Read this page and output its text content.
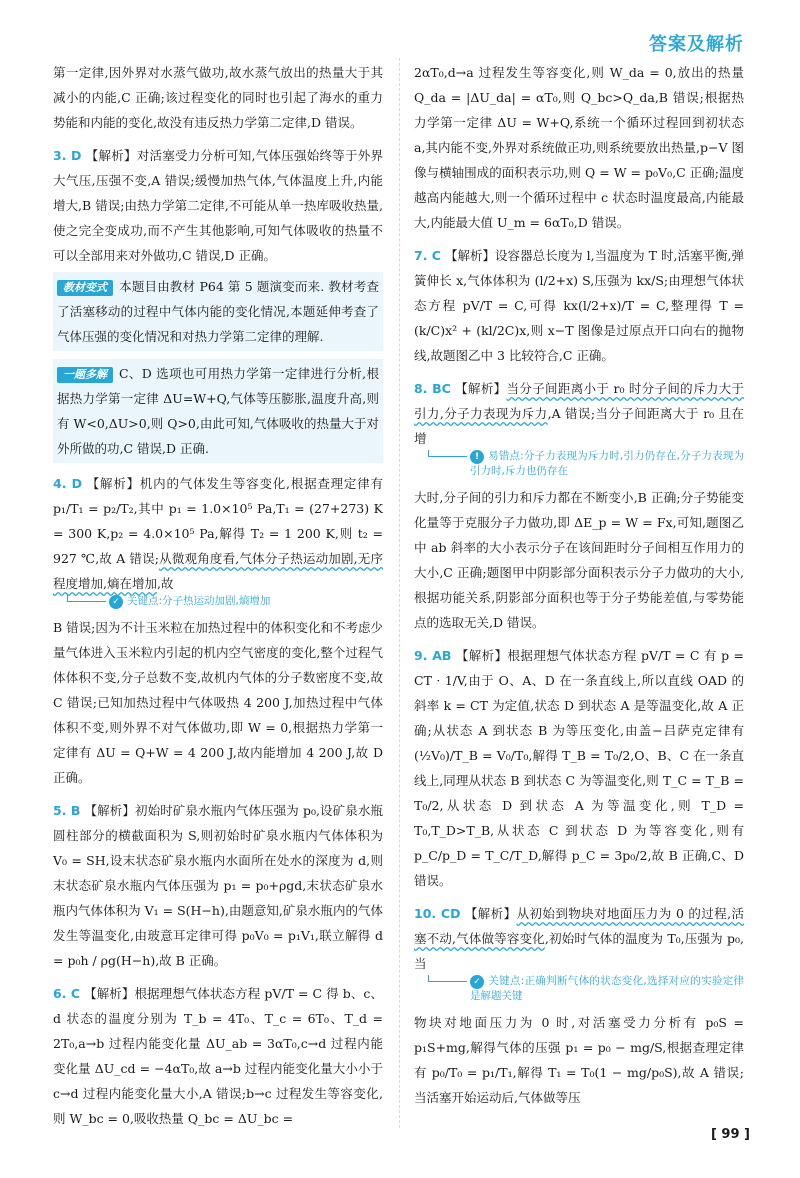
答案及解析

第一定律,因外界对水蒸气做功,故水蒸气放出的热量大于其减小的内能,C 正确;该过程变化的同时也引起了海水的重力势能和内能的变化,故没有违反热力学第二定律,D 错误。

3. D 【解析】对活塞受力分析可知,气体压强始终等于外界大气压,压强不变,A 错误;缓慢加热气体,气体温度上升,内能增大,B 错误;由热力学第二定律,不可能从单一热库吸收热量,使之完全变成功,而不产生其他影响,可知气体吸收的热量不可以全部用来对外做功,C 错误,D 正确。

教材变式 本题目由教材 P64 第 5 题演变而来. 教材考查了活塞移动的过程中气体内能的变化情况,本题延伸考查了气体压强的变化情况和对热力学第二定律的理解.
一题多解 C、D 选项也可用热力学第一定律进行分析,根据热力学第一定律 ΔU=W+Q,气体等压膨胀,温度升高,则有 W<0,ΔU>0,则 Q>0,由此可知,气体吸收的热量大于对外所做的功,C 错误,D 正确.

4. D 【解析】机内的气体发生等容变化,根据查理定律有 p₁/T₁ = p₂/T₂,其中 p₁ = 1.0×10⁵ Pa,T₁ = (27+273) K = 300 K,p₂ = 4.0×10⁵ Pa,解得 T₂ = 1 200 K,则 t₂ = 927 ℃,故 A 错误;从微观角度看,气体分子热运动加剧,无序程度增加,熵在增加,故

✓ 关键点:分子热运动加剧,熵增加

B 错误;因为不计玉米粒在加热过程中的体积变化和不考虑少量气体进入玉米粒内引起的机内空气密度的变化,整个过程气体体积不变,分子总数不变,故机内气体的分子数密度不变,故 C 错误;已知加热过程中气体吸热 4 200 J,加热过程中气体体积不变,则外界不对气体做功,即 W = 0,根据热力学第一定律有 ΔU = Q+W = 4 200 J,故内能增加 4 200 J,故 D 正确。

5. B 【解析】初始时矿泉水瓶内气体压强为 p₀,设矿泉水瓶圆柱部分的横截面积为 S,则初始时矿泉水瓶内气体体积为 V₀ = SH,设末状态矿泉水瓶内水面所在处水的深度为 d,则末状态矿泉水瓶内气体压强为 p₁ = p₀+ρgd,末状态矿泉水瓶内气体体积为 V₁ = S(H−h),由题意知,矿泉水瓶内的气体发生等温变化,由玻意耳定律可得 p₀V₀ = p₁V₁,联立解得 d = p₀h / ρg(H−h),故 B 正确。

6. C 【解析】根据理想气体状态方程 pV/T = C 得 b、c、d 状态的温度分别为 T_b = 4T₀、T_c = 6T₀、T_d = 2T₀,a→b 过程内能变化量 ΔU_ab = 3αT₀,c→d 过程内能变化量 ΔU_cd = −4αT₀,故 a→b 过程内能变化量大小小于 c→d 过程内能变化量大小,A 错误;b→c 过程发生等容变化,则 W_bc = 0,吸收热量 Q_bc = ΔU_bc =

2αT₀,d→a 过程发生等容变化,则 W_da = 0,放出的热量 Q_da = |ΔU_da| = αT₀,则 Q_bc>Q_da,B 错误;根据热力学第一定律 ΔU = W+Q,系统一个循环过程回到初状态 a,其内能不变,外界对系统做正功,则系统要放出热量,p−V 图像与横轴围成的面积表示功,则 Q = W = p₀V₀,C 正确;温度越高内能越大,则一个循环过程中 c 状态时温度最高,内能最大,内能最大值 U_m = 6αT₀,D 错误。

7. C 【解析】设容器总长度为 l,当温度为 T 时,活塞平衡,弹簧伸长 x,气体体积为 (l/2+x) S,压强为 kx/S;由理想气体状态方程 pV/T = C,可得 kx(l/2+x)/T = C,整理得 T = (k/C)x² + (kl/2C)x,则 x−T 图像是过原点开口向右的抛物线,故题图乙中 3 比较符合,C 正确。

8. BC 【解析】当分子间距离小于 r₀ 时分子间的斥力大于引力,分子力表现为斥力,A 错误;当分子间距离大于 r₀ 且在增

! 易错点:分子力表现为斥力时,引力仍存在,分子力表现为引力时,斥力也仍存在

大时,分子间的引力和斥力都在不断变小,B 正确;分子势能变化量等于克服分子力做功,即 ΔE_p = W = Fx,可知,题图乙中 ab 斜率的大小表示分子在该间距时分子间相互作用力的大小,C 正确;题图甲中阴影部分面积表示分子力做功的大小,根据功能关系,阴影部分面积也等于分子势能差值,与零势能点的选取无关,D 错误。

9. AB 【解析】根据理想气体状态方程 pV/T = C 有 p = CT · 1/V,由于 O、A、D 在一条直线上,所以直线 OAD 的斜率 k = CT 为定值,状态 D 到状态 A 是等温变化,故 A 正确;从状态 A 到状态 B 为等压变化,由盖−吕萨克定律有 (½V₀)/T_B = V₀/T₀,解得 T_B = T₀/2,O、B、C 在一条直线上,同理从状态 B 到状态 C 为等温变化,则 T_C = T_B = T₀/2,从状态 D 到状态 A 为等温变化,则 T_D = T₀,T_D>T_B,从状态 C 到状态 D 为等容变化,则有 p_C/p_D = T_C/T_D,解得 p_C = 3p₀/2,故 B 正确,C、D 错误。

10. CD 【解析】从初始到物块对地面压力为 0 的过程,活塞不动,气体做等容变化,初始时气体的温度为 T₀,压强为 p₀,当

✓ 关键点:正确判断气体的状态变化,选择对应的实验定律是解题关键

物块对地面压力为 0 时,对活塞受力分析有 p₀S = p₁S+mg,解得气体的压强 p₁ = p₀ − mg/S,根据查理定律有 p₀/T₀ = p₁/T₁,解得 T₁ = T₀(1 − mg/p₀S),故 A 错误;当活塞开始运动后,气体做等压

[ 99 ]
